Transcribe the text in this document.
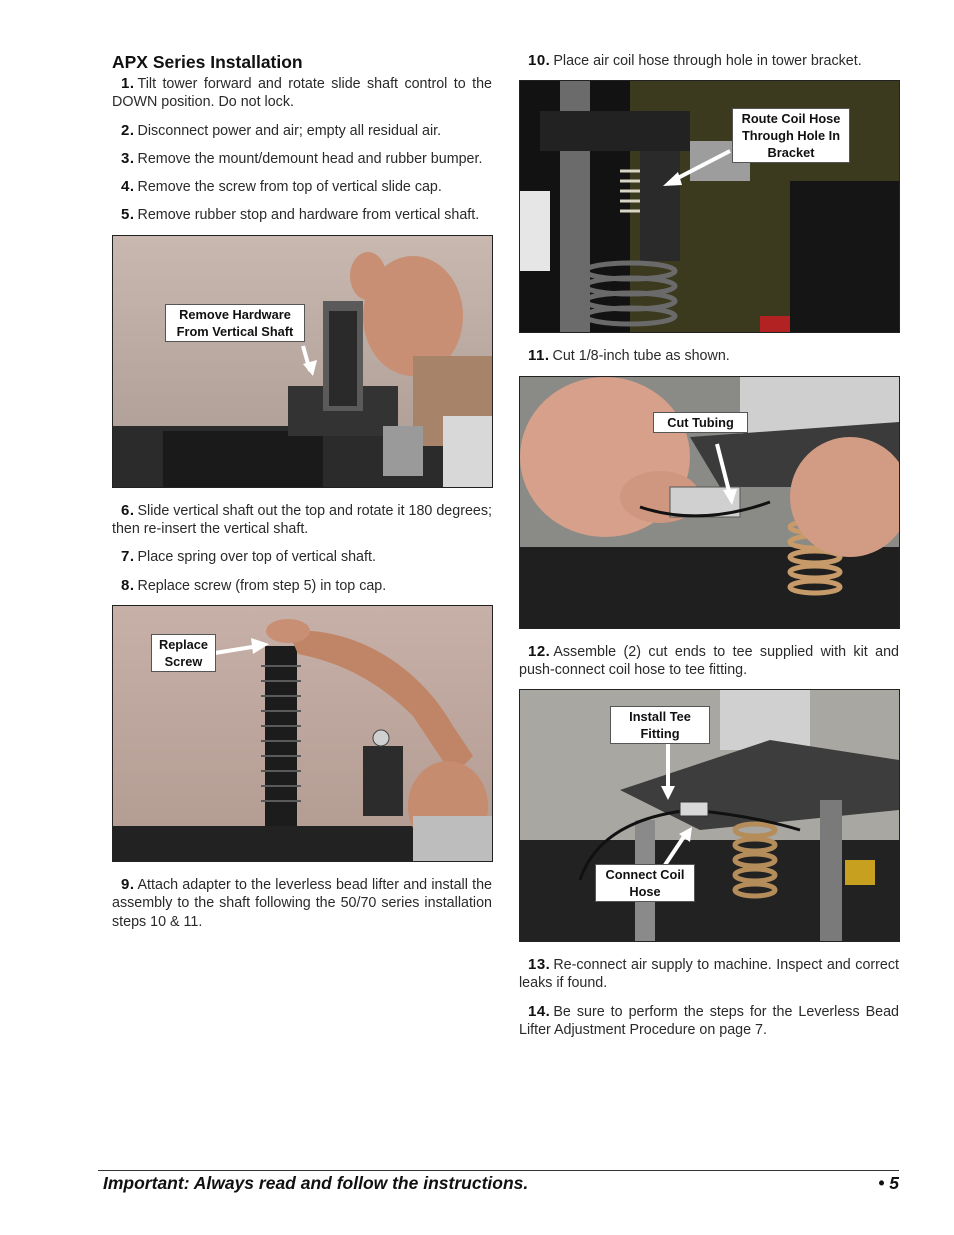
APX Series Installation

1. Tilt tower forward and rotate slide shaft control to the DOWN position. Do not lock.

2. Disconnect power and air; empty all residual air.

3. Remove the mount/demount head and rubber bumper.

4. Remove the screw from top of vertical slide cap.

5. Remove rubber stop and hardware from vertical shaft.

Remove Hardware From Vertical Shaft

6. Slide vertical shaft out the top and rotate it 180 degrees; then re-insert the vertical shaft.

7. Place spring over top of vertical shaft.

8. Replace screw (from step 5) in top cap.

Replace Screw

9. Attach adapter to the leverless bead lifter and install the assembly to the shaft following the 50/70 series installation steps 10 & 11.

10. Place air coil hose through hole in tower bracket.

Route Coil Hose Through Hole In Bracket

11. Cut 1/8-inch tube as shown.

Cut Tubing

12. Assemble (2) cut ends to tee supplied with kit and push-connect coil hose to tee fitting.

Install Tee Fitting
Connect Coil Hose

13. Re-connect air supply to machine. Inspect and correct leaks if found.

14. Be sure to perform the steps for the Leverless Bead Lifter Adjustment Procedure on page 7.

Important: Always read and follow the instructions.	• 5
